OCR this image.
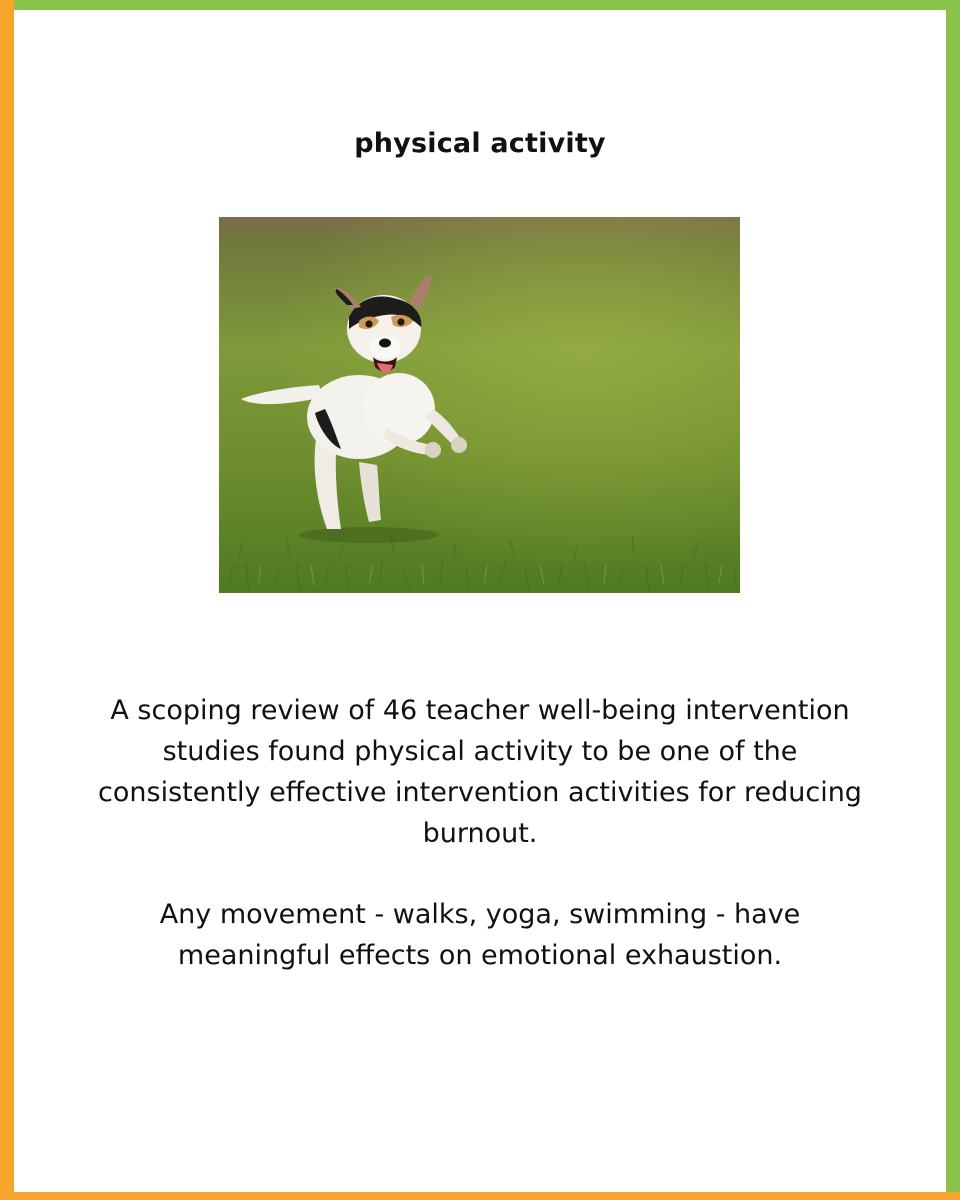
physical activity

A scoping review of 46 teacher well-being intervention studies found physical activity to be one of the consistently effective intervention activities for reducing burnout.

Any movement - walks, yoga, swimming - have meaningful effects on emotional exhaustion.
